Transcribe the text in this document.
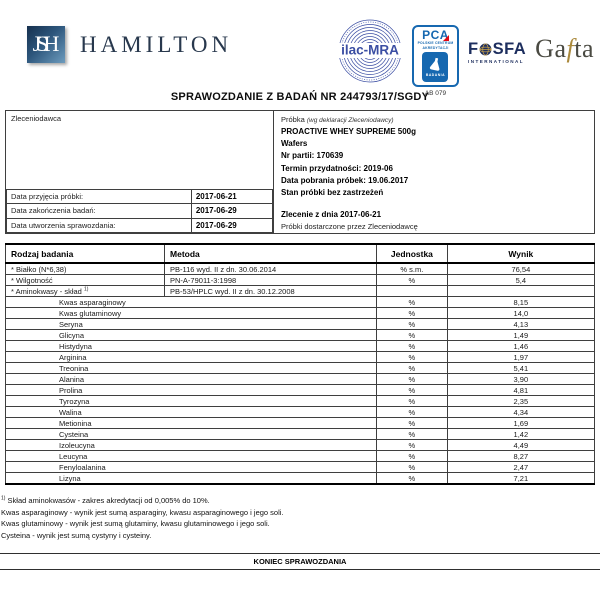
JSH	HAMILTON	ilac-MRA
PCA
POLSKIE CENTRUM AKREDYTACJI
BADANIA
AB 079
F SFA
INTERNATIONAL Gafta
SPRAWOZDANIE Z BADAŃ NR 244793/17/SGDY
Zleceniodawca
Data przyjęcia próbki:	2017-06-21
Data zakończenia badań:	2017-06-29
Data utworzenia sprawozdania:	2017-06-29
Próbka (wg deklaracji Zleceniodawcy)
PROACTIVE WHEY SUPREME 500g
Wafers
Nr partii: 170639
Termin przydatności: 2019-06
Data pobrania próbek: 19.06.2017
Stan próbki bez zastrzeżeń
Zlecenie z dnia 2017-06-21
Próbki dostarczone przez Zleceniodawcę
Rodzaj badania	Metoda	Jednostka	Wynik
* Białko (N*6,38)	PB-116 wyd. II z dn. 30.06.2014	% s.m.	76,54
* Wilgotność	PN-A-79011-3:1998	%	5,4
* Aminokwasy - skład $^{1)}$	PB-53/HPLC wyd. II z dn. 30.12.2008		
Kwas asparaginowy		%	8,15
Kwas glutaminowy		%	14,0
Seryna		%	4,13
Glicyna		%	1,49
Histydyna		%	1,46
Arginina		%	1,97
Treonina		%	5,41
Alanina		%	3,90
Prolina		%	4,81
Tyrozyna		%	2,35
Walina		%	4,34
Metionina		%	1,69
Cysteina		%	1,42
Izoleucyna		%	4,49
Leucyna		%	8,27
Fenyloalanina		%	2,47
Lizyna		%	7,21
$^{1)}$ Skład aminokwasów - zakres akredytacji od 0,005% do 10%.
Kwas asparaginowy - wynik jest sumą asparaginy, kwasu asparaginowego i jego soli.
Kwas glutaminowy - wynik jest sumą glutaminy, kwasu glutaminowego i jego soli.
Cysteina - wynik jest sumą cystyny i cysteiny.
KONIEC SPRAWOZDANIA
